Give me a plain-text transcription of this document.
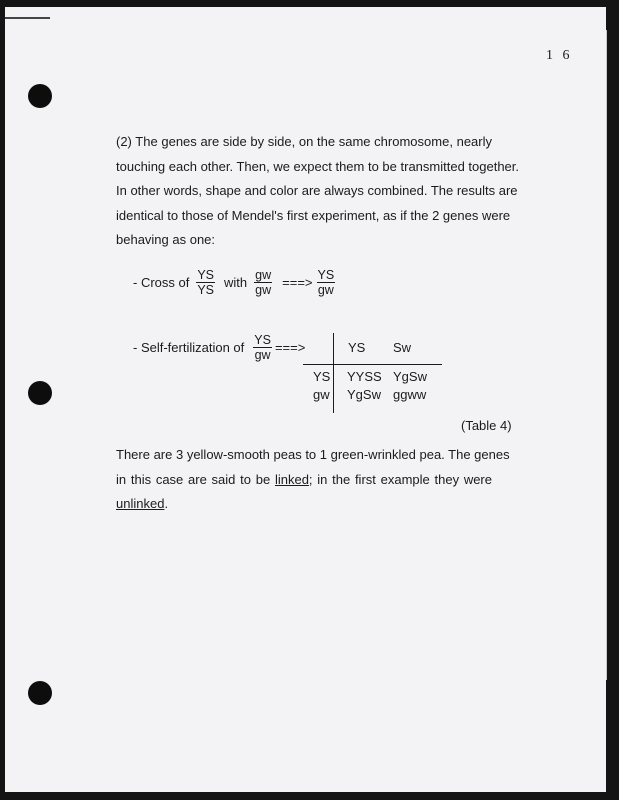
1 6

(2) The genes are side by side, on the same chromosome, nearly

touching each other. Then, we expect them to be transmitted together.

In other words, shape and color are always combined. The results are

identical to those of Mendel's first experiment, as if the 2 genes were

behaving as one:

- Cross of $\frac{YS}{YS}$ with $\frac{gw}{gw}$ ===> $\frac{YS}{gw}$
- Self-fertilization of $\frac{YS}{gw}$ ===>	YS Sw
YS YYSS YgSw
gw YgSw ggww
(Table 4)

There are 3 yellow-smooth peas to 1 green-wrinkled pea. The genes

in this case are said to be linked; in the first example they were

unlinked.
